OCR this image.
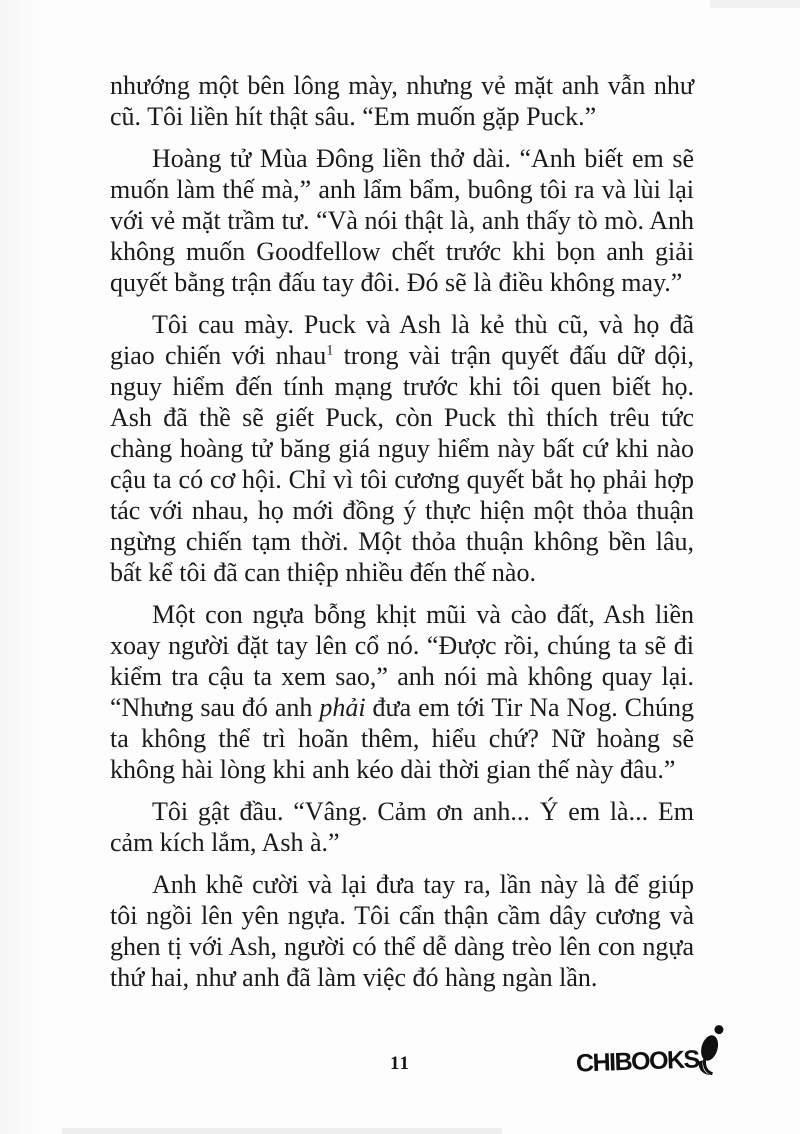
nhướng một bên lông mày, nhưng vẻ mặt anh vẫn như cũ. Tôi liền hít thật sâu. “Em muốn gặp Puck.”

Hoàng tử Mùa Đông liền thở dài. “Anh biết em sẽ muốn làm thế mà,” anh lẩm bẩm, buông tôi ra và lùi lại với vẻ mặt trầm tư. “Và nói thật là, anh thấy tò mò. Anh không muốn Goodfellow chết trước khi bọn anh giải quyết bằng trận đấu tay đôi. Đó sẽ là điều không may.”

Tôi cau mày. Puck và Ash là kẻ thù cũ, và họ đã giao chiến với nhau$^1$ trong vài trận quyết đấu dữ dội, nguy hiểm đến tính mạng trước khi tôi quen biết họ. Ash đã thề sẽ giết Puck, còn Puck thì thích trêu tức chàng hoàng tử băng giá nguy hiểm này bất cứ khi nào cậu ta có cơ hội. Chỉ vì tôi cương quyết bắt họ phải hợp tác với nhau, họ mới đồng ý thực hiện một thỏa thuận ngừng chiến tạm thời. Một thỏa thuận không bền lâu, bất kể tôi đã can thiệp nhiều đến thế nào.

Một con ngựa bỗng khịt mũi và cào đất, Ash liền xoay người đặt tay lên cổ nó. “Được rồi, chúng ta sẽ đi kiểm tra cậu ta xem sao,” anh nói mà không quay lại. “Nhưng sau đó anh phải đưa em tới Tir Na Nog. Chúng ta không thể trì hoãn thêm, hiểu chứ? Nữ hoàng sẽ không hài lòng khi anh kéo dài thời gian thế này đâu.”

Tôi gật đầu. “Vâng. Cảm ơn anh... Ý em là... Em cảm kích lắm, Ash à.”

Anh khẽ cười và lại đưa tay ra, lần này là để giúp tôi ngồi lên yên ngựa. Tôi cẩn thận cầm dây cương và ghen tị với Ash, người có thể dễ dàng trèo lên con ngựa thứ hai, như anh đã làm việc đó hàng ngàn lần.

11	CHIBOOKS
